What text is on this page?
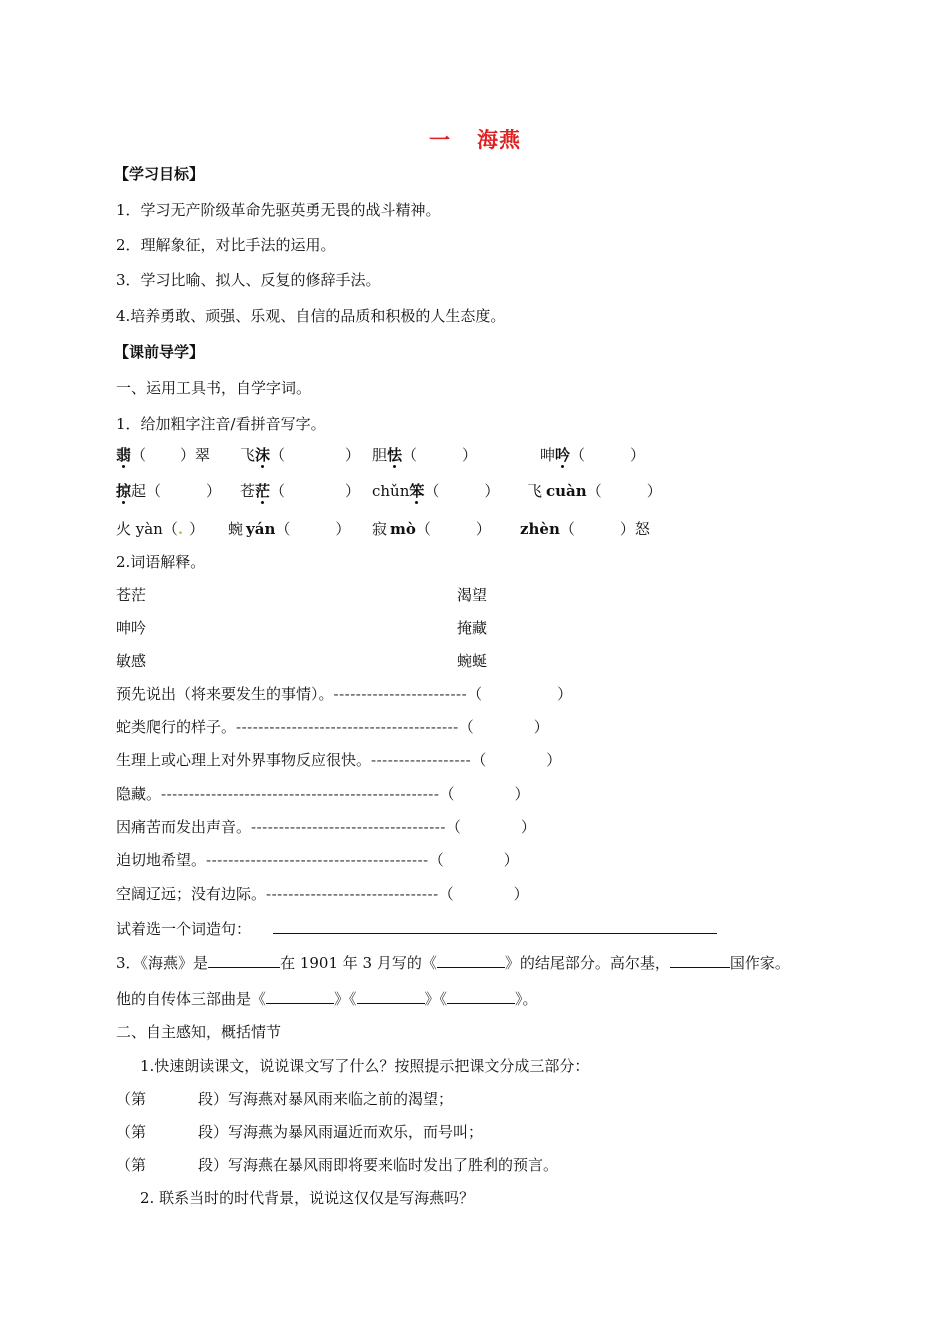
一 海燕
【学习目标】
1．学习无产阶级革命先驱英勇无畏的战斗精神。
2．理解象征，对比手法的运用。
3．学习比喻、拟人、反复的修辞手法。
4.培养勇敢、顽强、乐观、自信的品质和积极的人生态度。
【课前导学】
一、运用工具书，自学字词。
1．给加粗字注音/看拼音写字。
翡（ ）翠 飞沫（　　　　） 胆怯（　　　）	呻吟（　　　）
掠起（　　　） 苍茫（　　　　） chǔn笨（　　　） 飞 cuàn（　　　）
火 yàn（. ） 蜿 yán（　　　） 寂 mò（　　　） zhèn（　　　）怒
2.词语解释。
苍茫	渴望
呻吟	掩藏
敏感	蜿蜒
预先说出（将来要发生的事情）。------------------------（　　　　　）
蛇类爬行的样子。----------------------------------------（　　　　）
生理上或心理上对外界事物反应很快。------------------（　　　　）
隐藏。--------------------------------------------------（　　　　）
因痛苦而发出声音。-----------------------------------（　　　　）
迫切地希望。----------------------------------------（　　　　）
空阔辽远；没有边际。-------------------------------（　　　　）
试着选一个词造句：
3．《海燕》是	在 1901 年 3 月写的《	》的结尾部分。高尔基，	国作家。
他的自传体三部曲是《	》《	》《	》。
二、自主感知，概括情节
1.快速朗读课文，说说课文写了什么？按照提示把课文分成三部分：
（第	段）写海燕对暴风雨来临之前的渴望；
（第	段）写海燕为暴风雨逼近而欢乐，而号叫；
（第	段）写海燕在暴风雨即将要来临时发出了胜利的预言。
2. 联系当时的时代背景，说说这仅仅是写海燕吗？
